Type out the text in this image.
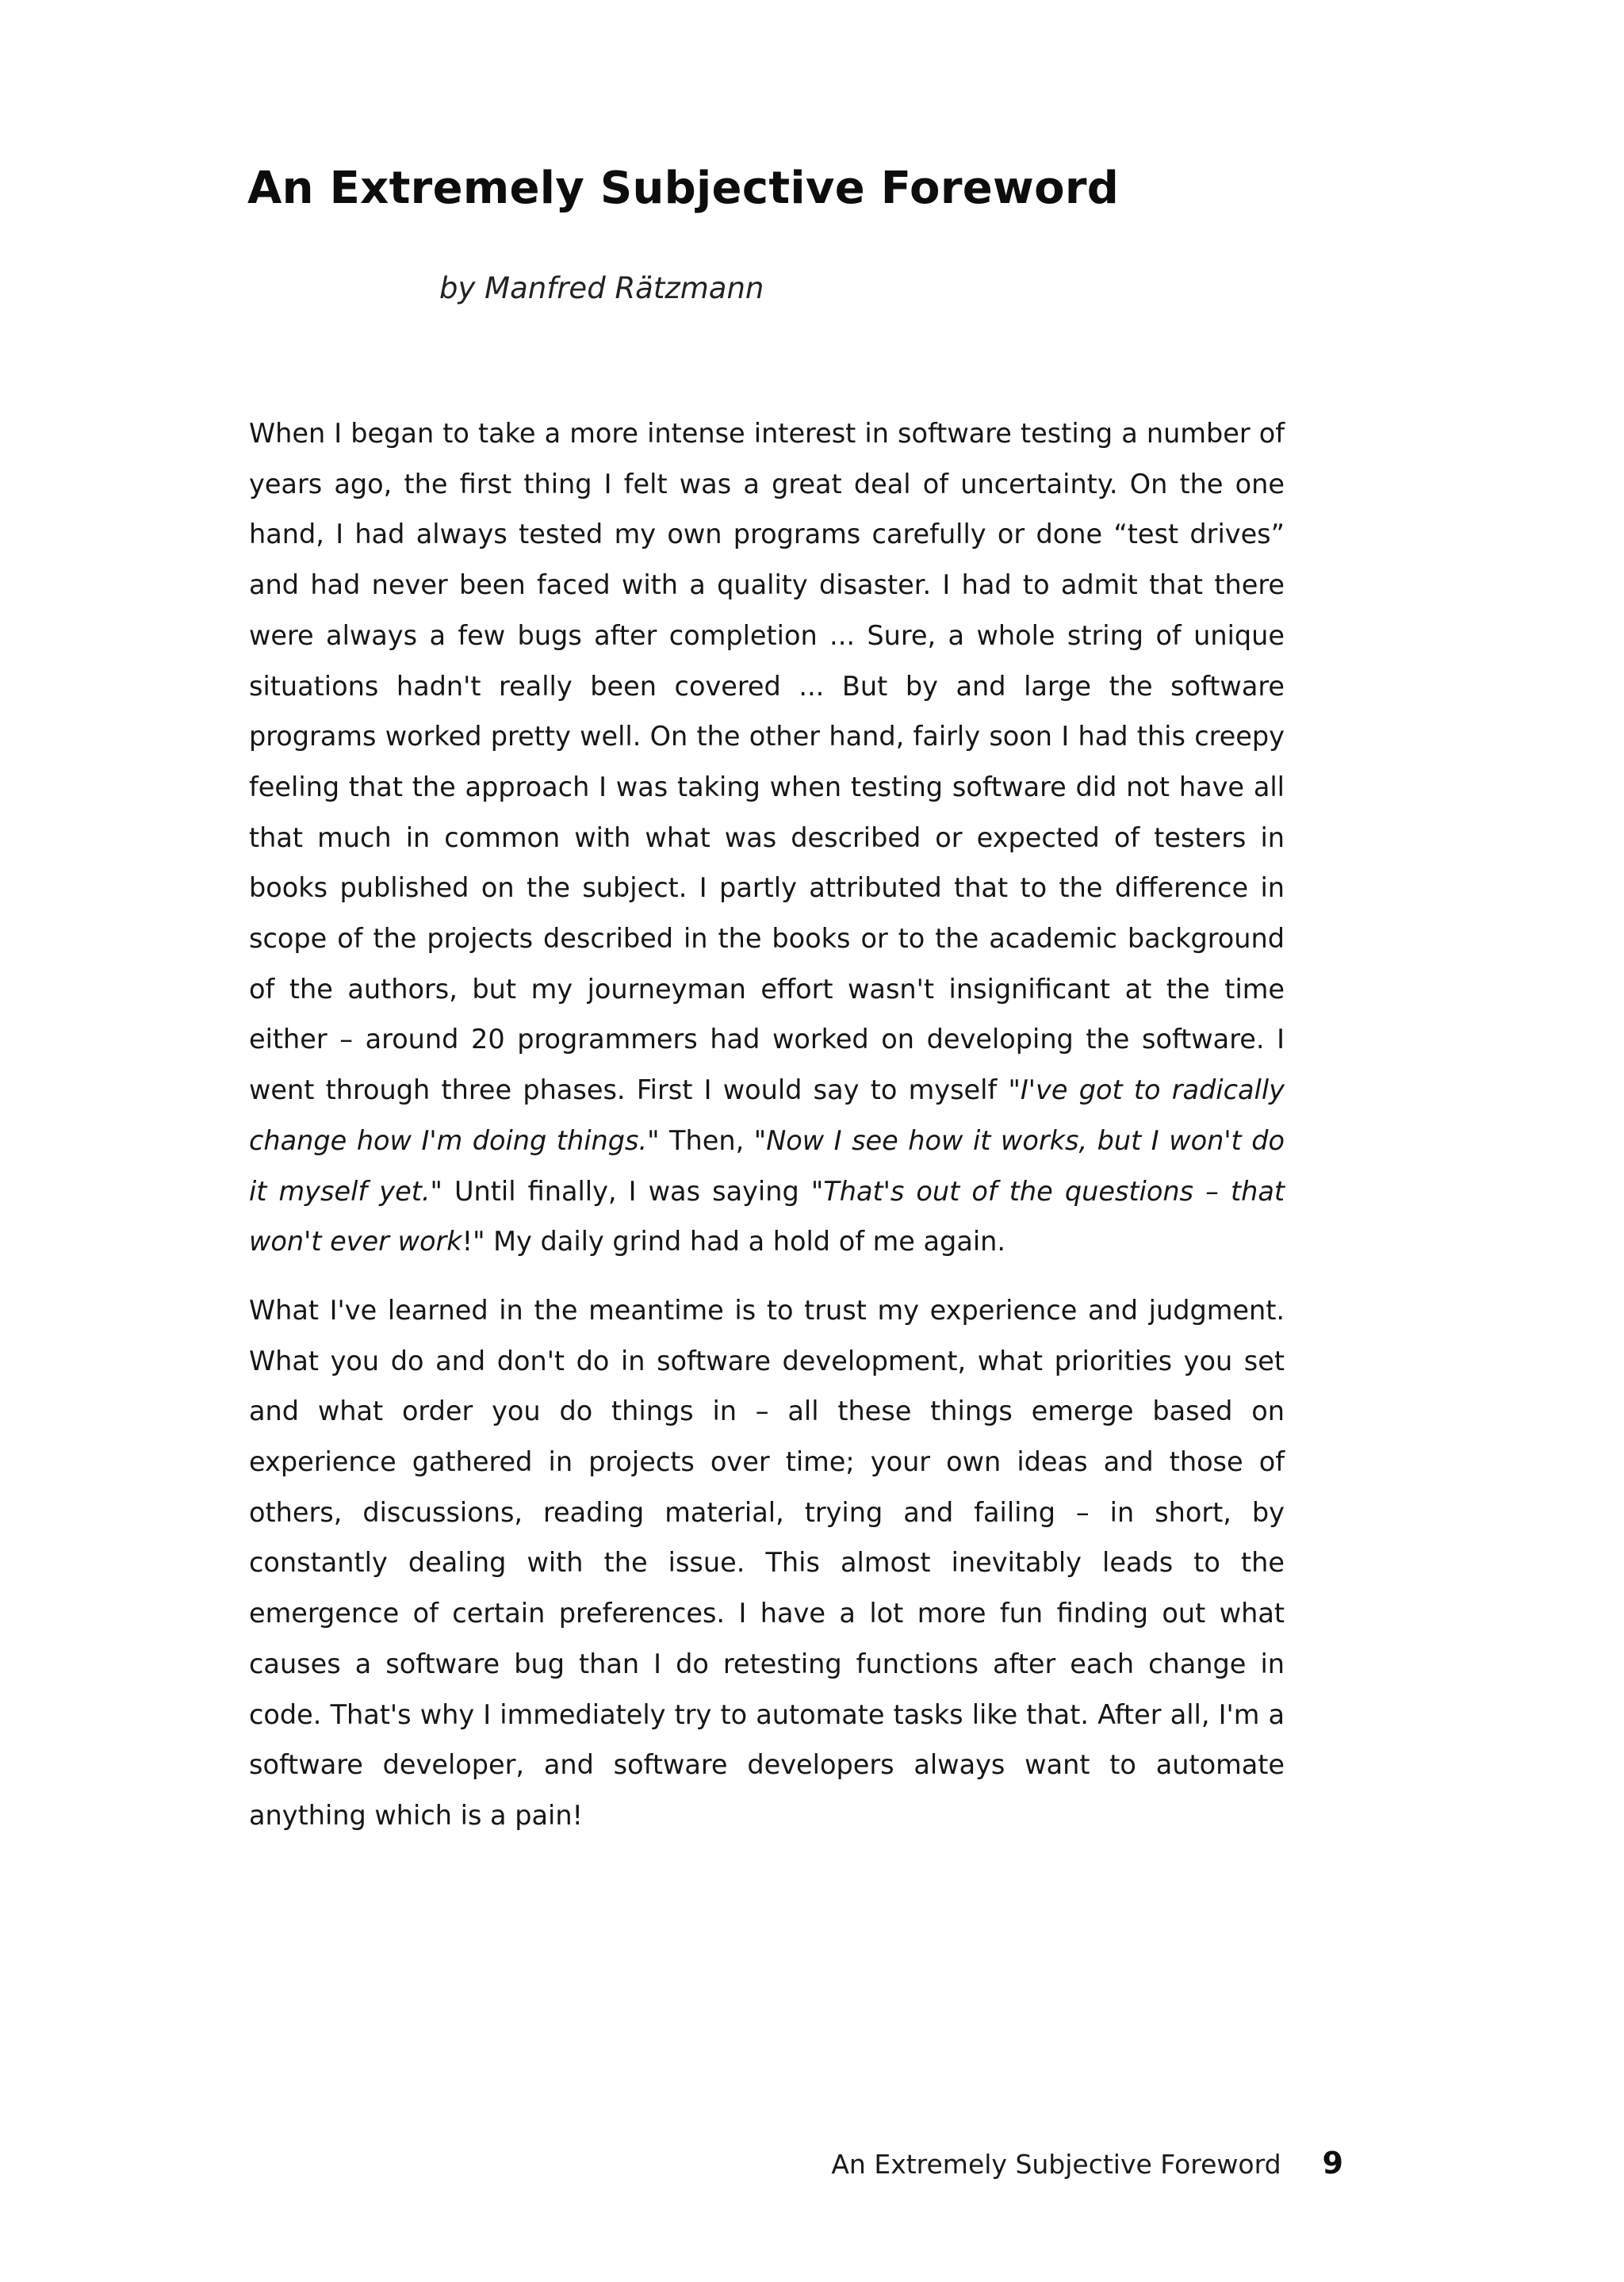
An Extremely Subjective Foreword

by Manfred Rätzmann

When I began to take a more intense interest in software testing a number of years ago, the first thing I felt was a great deal of uncertainty. On the one hand, I had always tested my own programs carefully or done “test drives” and had never been faced with a quality disaster. I had to admit that there were always a few bugs after completion ... Sure, a whole string of unique situations hadn't really been covered ... But by and large the software programs worked pretty well. On the other hand, fairly soon I had this creepy feeling that the approach I was taking when testing software did not have all that much in common with what was described or expected of testers in books published on the subject. I partly attributed that to the difference in scope of the projects described in the books or to the academic background of the authors, but my journeyman effort wasn't insignificant at the time either – around 20 programmers had worked on developing the software. I went through three phases. First I would say to myself "I've got to radically change how I'm doing things." Then, "Now I see how it works, but I won't do it myself yet." Until finally, I was saying "That's out of the questions – that won't ever work!" My daily grind had a hold of me again.

What I've learned in the meantime is to trust my experience and judgment. What you do and don't do in software development, what priorities you set and what order you do things in – all these things emerge based on experience gathered in projects over time; your own ideas and those of others, discussions, reading material, trying and failing – in short, by constantly dealing with the issue. This almost inevitably leads to the emergence of certain preferences. I have a lot more fun finding out what causes a software bug than I do retesting functions after each change in code. That's why I immediately try to automate tasks like that. After all, I'm a software developer, and software developers always want to automate anything which is a pain!

An Extremely Subjective Foreword 9
